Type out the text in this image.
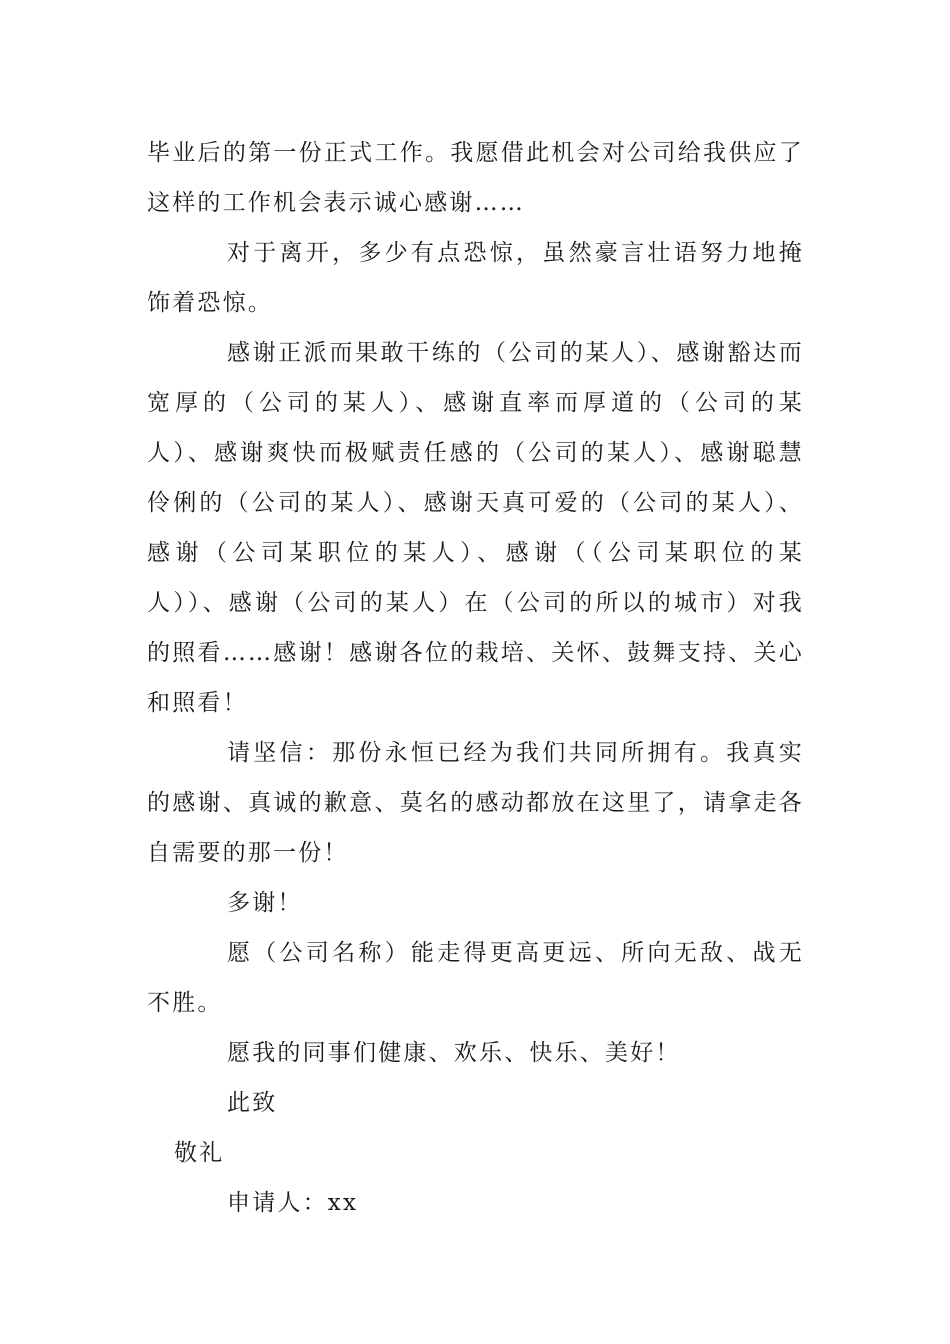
毕业后的第一份正式工作。我愿借此机会对公司给我供应了这样的工作机会表示诚心感谢……

对于离开，多少有点恐惊，虽然豪言壮语努力地掩饰着恐惊。

感谢正派而果敢干练的（公司的某人）、感谢豁达而宽厚的（公司的某人）、感谢直率而厚道的（公司的某人）、感谢爽快而极赋责任感的（公司的某人）、感谢聪慧伶俐的（公司的某人）、感谢天真可爱的（公司的某人）、感谢（公司某职位的某人）、感谢（（公司某职位的某人））、感谢（公司的某人）在（公司的所以的城市）对我的照看……感谢！感谢各位的栽培、关怀、鼓舞支持、关心和照看！

请坚信：那份永恒已经为我们共同所拥有。我真实的感谢、真诚的歉意、莫名的感动都放在这里了，请拿走各自需要的那一份！

多谢！

愿（公司名称）能走得更高更远、所向无敌、战无不胜。

愿我的同事们健康、欢乐、快乐、美好！

此致

敬礼

申请人：xx
